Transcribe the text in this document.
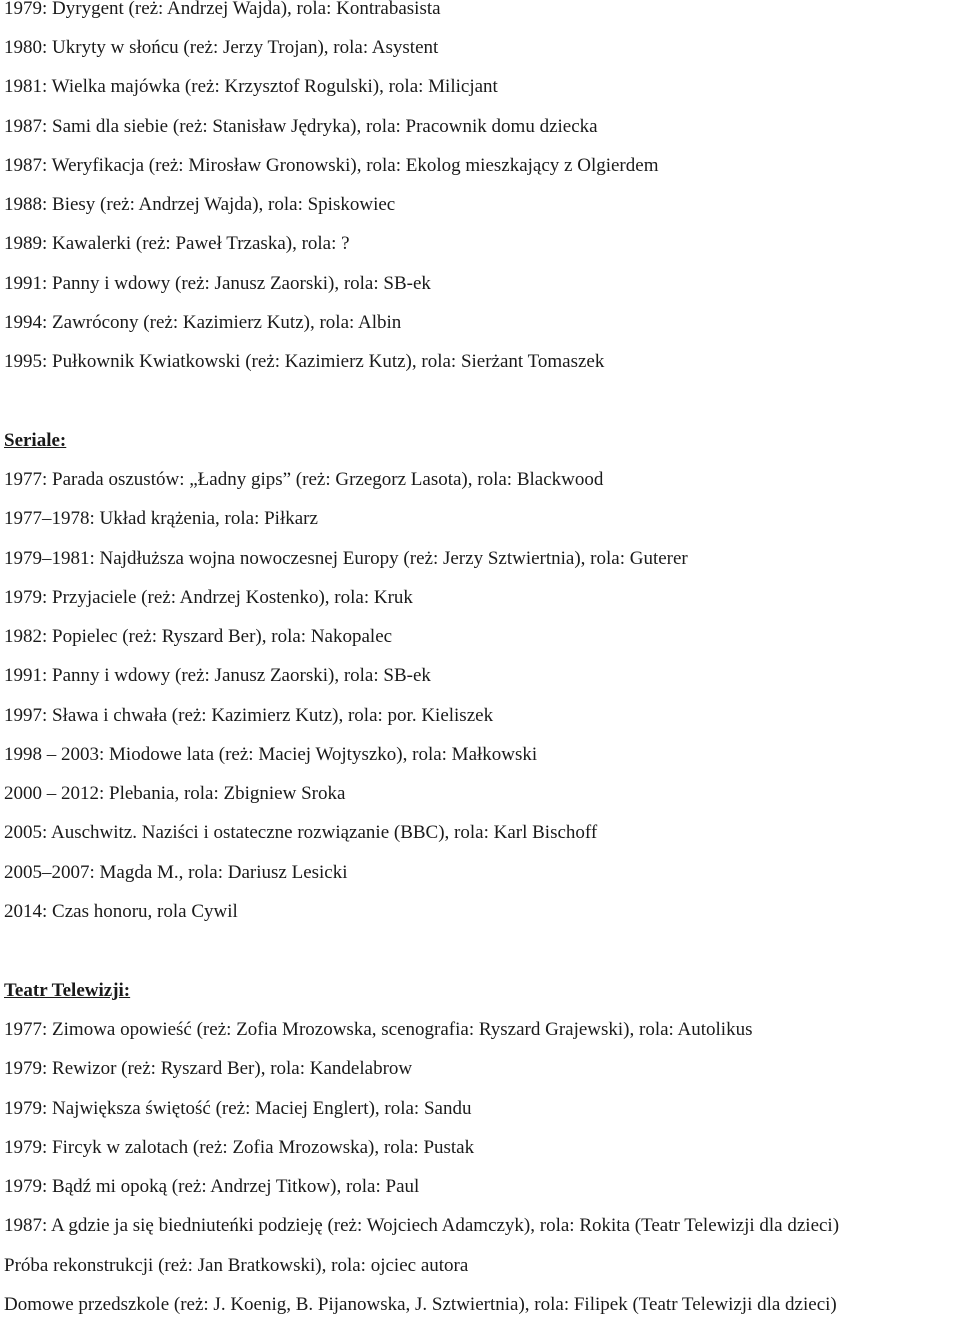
1979: Dyrygent (reż: Andrzej Wajda), rola: Kontrabasista
1980: Ukryty w słońcu (reż: Jerzy Trojan), rola: Asystent
1981: Wielka majówka (reż: Krzysztof Rogulski), rola: Milicjant
1987: Sami dla siebie (reż: Stanisław Jędryka), rola: Pracownik domu dziecka
1987: Weryfikacja (reż: Mirosław Gronowski), rola: Ekolog mieszkający z Olgierdem
1988: Biesy (reż: Andrzej Wajda), rola: Spiskowiec
1989: Kawalerki (reż: Paweł Trzaska), rola: ?
1991: Panny i wdowy (reż: Janusz Zaorski), rola: SB-ek
1994: Zawrócony (reż: Kazimierz Kutz), rola: Albin
1995: Pułkownik Kwiatkowski (reż: Kazimierz Kutz), rola: Sierżant Tomaszek
Seriale:
1977: Parada oszustów: „Ładny gips” (reż: Grzegorz Lasota), rola: Blackwood
1977–1978: Układ krążenia, rola: Piłkarz
1979–1981: Najdłuższa wojna nowoczesnej Europy (reż: Jerzy Sztwiertnia), rola: Guterer
1979: Przyjaciele (reż: Andrzej Kostenko), rola: Kruk
1982: Popielec (reż: Ryszard Ber), rola: Nakopalec
1991: Panny i wdowy (reż: Janusz Zaorski), rola: SB-ek
1997: Sława i chwała (reż: Kazimierz Kutz), rola: por. Kieliszek
1998 – 2003: Miodowe lata (reż: Maciej Wojtyszko), rola: Małkowski
2000 – 2012: Plebania, rola: Zbigniew Sroka
2005: Auschwitz. Naziści i ostateczne rozwiązanie (BBC), rola: Karl Bischoff
2005–2007: Magda M., rola: Dariusz Lesicki
2014: Czas honoru, rola Cywil
Teatr Telewizji:
1977: Zimowa opowieść (reż: Zofia Mrozowska, scenografia: Ryszard Grajewski), rola: Autolikus
1979: Rewizor (reż: Ryszard Ber), rola: Kandelabrow
1979: Największa świętość (reż: Maciej Englert), rola: Sandu
1979: Fircyk w zalotach (reż: Zofia Mrozowska), rola: Pustak
1979: Bądź mi opoką (reż: Andrzej Titkow), rola: Paul
1987: A gdzie ja się biedniuteńki podzieję (reż: Wojciech Adamczyk), rola: Rokita (Teatr Telewizji dla dzieci)
Próba rekonstrukcji (reż: Jan Bratkowski), rola: ojciec autora
Domowe przedszkole (reż: J. Koenig, B. Pijanowska, J. Sztwiertnia), rola: Filipek (Teatr Telewizji dla dzieci)
